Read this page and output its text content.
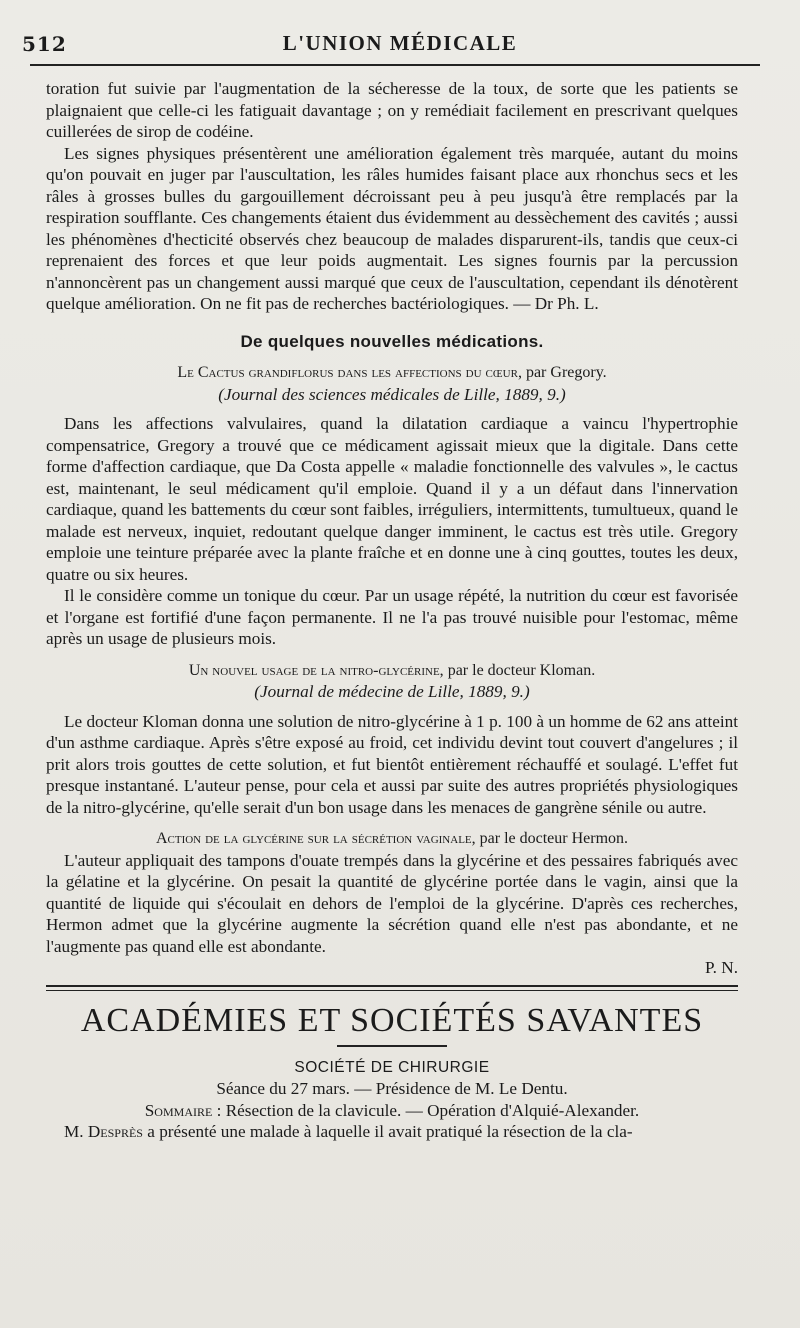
512	L'UNION MÉDICALE

toration fut suivie par l'augmentation de la sécheresse de la toux, de sorte que les patients se plaignaient que celle-ci les fatiguait davantage ; on y remédiait facilement en prescrivant quelques cuillerées de sirop de codéine.

Les signes physiques présentèrent une amélioration également très marquée, autant du moins qu'on pouvait en juger par l'auscultation, les râles humides faisant place aux rhonchus secs et les râles à grosses bulles du gargouillement décroissant peu à peu jusqu'à être remplacés par la respiration soufflante. Ces changements étaient dus évidemment au dessèchement des cavités ; aussi les phénomènes d'hecticité observés chez beaucoup de malades disparurent-ils, tandis que ceux-ci reprenaient des forces et que leur poids augmentait. Les signes fournis par la percussion n'annoncèrent pas un changement aussi marqué que ceux de l'auscultation, cependant ils dénotèrent quelque amélioration. On ne fit pas de recherches bactériologiques. — Dr Ph. L.

De quelques nouvelles médications.

Le Cactus grandiflorus dans les affections du cœur, par Gregory.

(Journal des sciences médicales de Lille, 1889, 9.)

Dans les affections valvulaires, quand la dilatation cardiaque a vaincu l'hypertrophie compensatrice, Gregory a trouvé que ce médicament agissait mieux que la digitale. Dans cette forme d'affection cardiaque, que Da Costa appelle « maladie fonctionnelle des valvules », le cactus est, maintenant, le seul médicament qu'il emploie. Quand il y a un défaut dans l'innervation cardiaque, quand les battements du cœur sont faibles, irréguliers, intermittents, tumultueux, quand le malade est nerveux, inquiet, redoutant quelque danger imminent, le cactus est très utile. Gregory emploie une teinture préparée avec la plante fraîche et en donne une à cinq gouttes, toutes les deux, quatre ou six heures.

Il le considère comme un tonique du cœur. Par un usage répété, la nutrition du cœur est favorisée et l'organe est fortifié d'une façon permanente. Il ne l'a pas trouvé nuisible pour l'estomac, même après un usage de plusieurs mois.

Un nouvel usage de la nitro-glycérine, par le docteur Kloman.

(Journal de médecine de Lille, 1889, 9.)

Le docteur Kloman donna une solution de nitro-glycérine à 1 p. 100 à un homme de 62 ans atteint d'un asthme cardiaque. Après s'être exposé au froid, cet individu devint tout couvert d'angelures ; il prit alors trois gouttes de cette solution, et fut bientôt entièrement réchauffé et soulagé. L'effet fut presque instantané. L'auteur pense, pour cela et aussi par suite des autres propriétés physiologiques de la nitro-glycérine, qu'elle serait d'un bon usage dans les menaces de gangrène sénile ou autre.

Action de la glycérine sur la sécrétion vaginale, par le docteur Hermon.

L'auteur appliquait des tampons d'ouate trempés dans la glycérine et des pessaires fabriqués avec la gélatine et la glycérine. On pesait la quantité de glycérine portée dans le vagin, ainsi que la quantité de liquide qui s'écoulait en dehors de l'emploi de la glycérine. D'après ces recherches, Hermon admet que la glycérine augmente la sécrétion quand elle n'est pas abondante, et ne l'augmente pas quand elle est abondante.

P. N.

ACADÉMIES ET SOCIÉTÉS SAVANTES

SOCIÉTÉ DE CHIRURGIE

Séance du 27 mars. — Présidence de M. Le Dentu.

Sommaire : Résection de la clavicule. — Opération d'Alquié-Alexander.

M. Desprès a présenté une malade à laquelle il avait pratiqué la résection de la cla-
